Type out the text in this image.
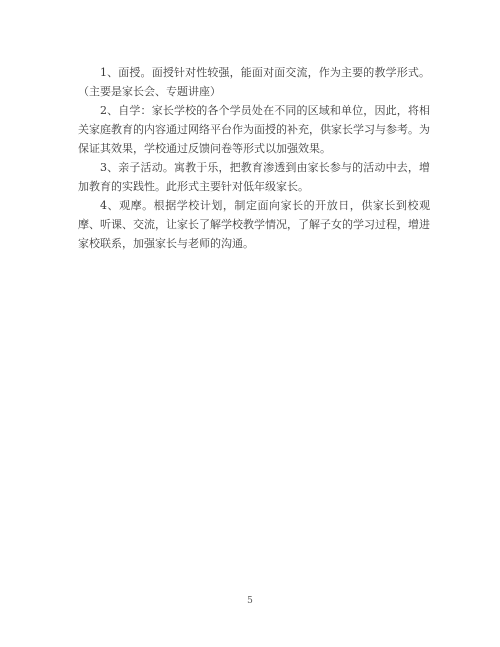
1、面授。面授针对性较强，能面对面交流，作为主要的教学形式。（主要是家长会、专题讲座）

2、自学：家长学校的各个学员处在不同的区域和单位，因此，将相关家庭教育的内容通过网络平台作为面授的补充，供家长学习与参考。为保证其效果，学校通过反馈问卷等形式以加强效果。

3、亲子活动。寓教于乐，把教育渗透到由家长参与的活动中去，增加教育的实践性。此形式主要针对低年级家长。

4、观摩。根据学校计划，制定面向家长的开放日，供家长到校观摩、听课、交流，让家长了解学校教学情况，了解子女的学习过程，增进家校联系，加强家长与老师的沟通。

5
